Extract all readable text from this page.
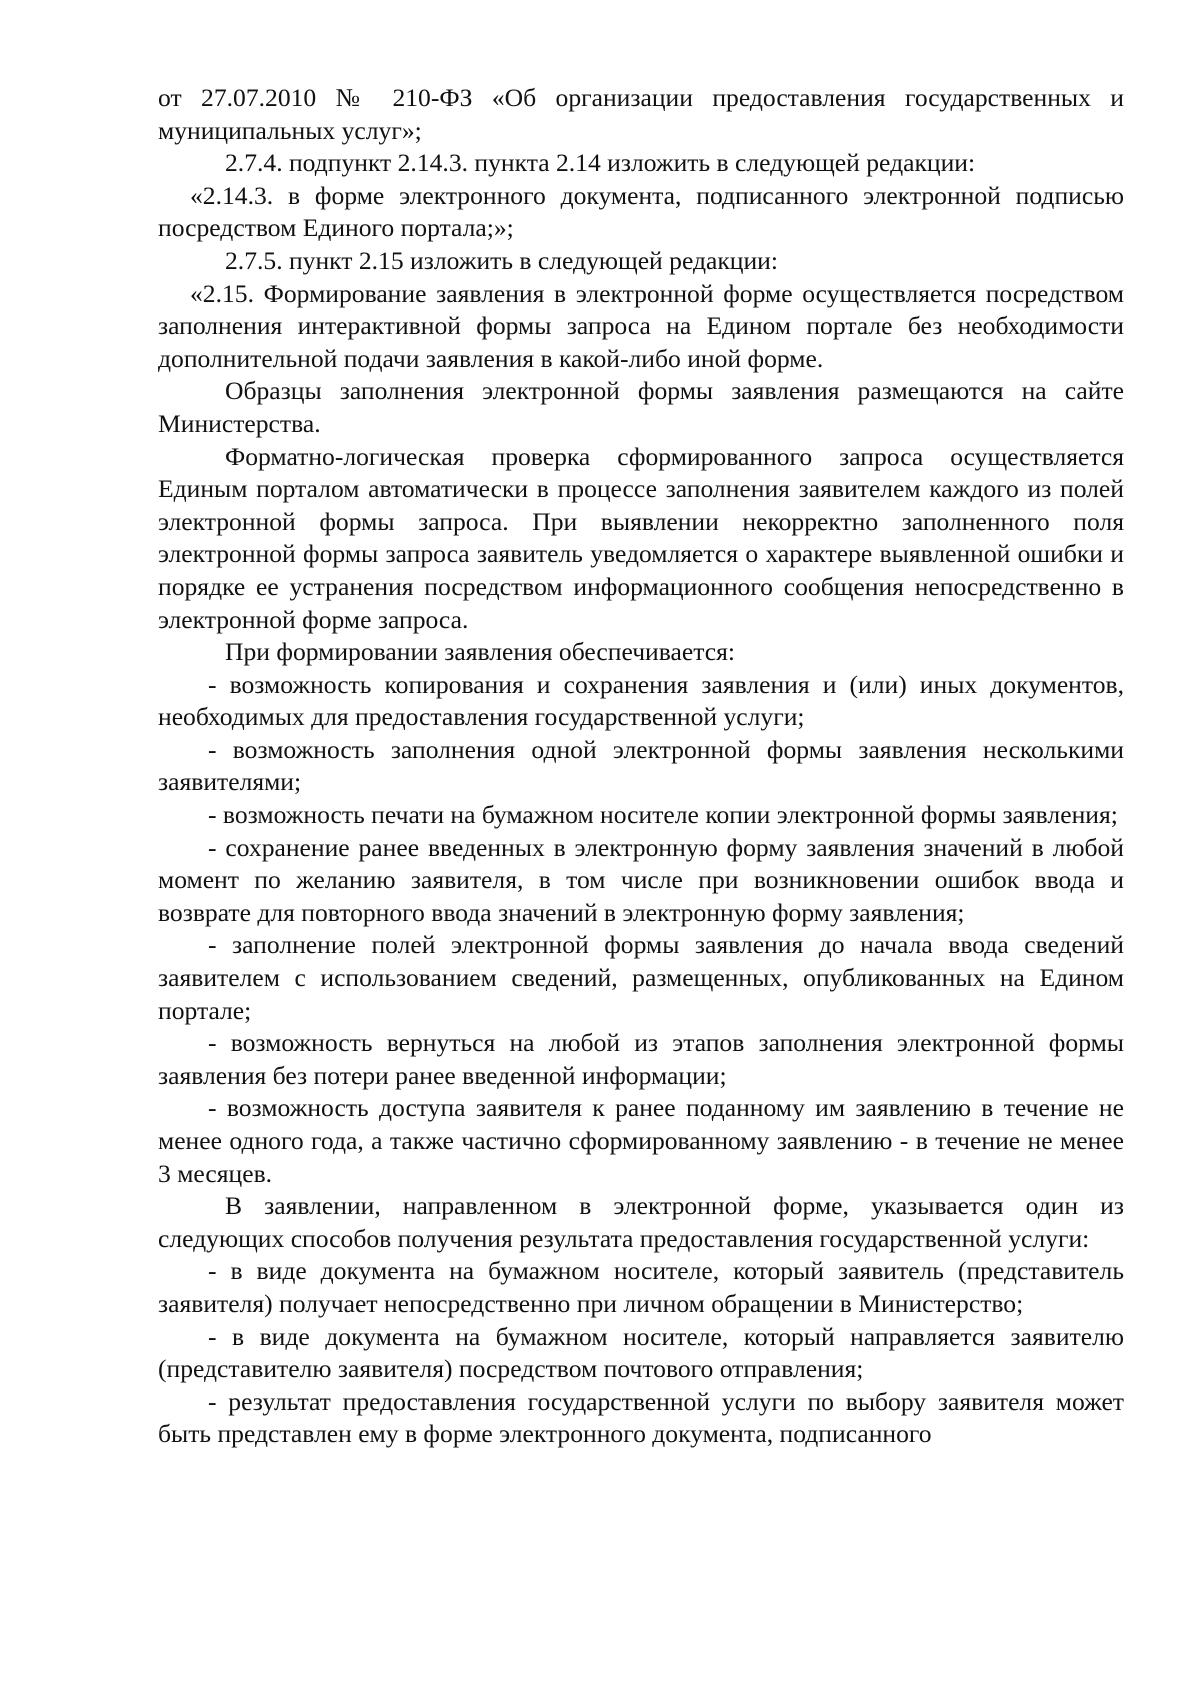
от 27.07.2010 № 210-ФЗ «Об организации предоставления государственных и муниципальных услуг»;

2.7.4. подпункт 2.14.3. пункта 2.14 изложить в следующей редакции:

«2.14.3. в форме электронного документа, подписанного электронной подписью посредством Единого портала;»;

2.7.5. пункт 2.15 изложить в следующей редакции:

«2.15. Формирование заявления в электронной форме осуществляется посредством заполнения интерактивной формы запроса на Едином портале без необходимости дополнительной подачи заявления в какой-либо иной форме.

Образцы заполнения электронной формы заявления размещаются на сайте Министерства.

Форматно-логическая проверка сформированного запроса осуществляется Единым порталом автоматически в процессе заполнения заявителем каждого из полей электронной формы запроса. При выявлении некорректно заполненного поля электронной формы запроса заявитель уведомляется о характере выявленной ошибки и порядке ее устранения посредством информационного сообщения непосредственно в электронной форме запроса.

При формировании заявления обеспечивается:

- возможность копирования и сохранения заявления и (или) иных документов, необходимых для предоставления государственной услуги;

- возможность заполнения одной электронной формы заявления несколькими заявителями;

- возможность печати на бумажном носителе копии электронной формы заявления;

- сохранение ранее введенных в электронную форму заявления значений в любой момент по желанию заявителя, в том числе при возникновении ошибок ввода и возврате для повторного ввода значений в электронную форму заявления;

- заполнение полей электронной формы заявления до начала ввода сведений заявителем с использованием сведений, размещенных, опубликованных на Едином портале;

- возможность вернуться на любой из этапов заполнения электронной формы заявления без потери ранее введенной информации;

- возможность доступа заявителя к ранее поданному им заявлению в течение не менее одного года, а также частично сформированному заявлению - в течение не менее 3 месяцев.

В заявлении, направленном в электронной форме, указывается один из следующих способов получения результата предоставления государственной услуги:

- в виде документа на бумажном носителе, который заявитель (представитель заявителя) получает непосредственно при личном обращении в Министерство;

- в виде документа на бумажном носителе, который направляется заявителю (представителю заявителя) посредством почтового отправления;

- результат предоставления государственной услуги по выбору заявителя может быть представлен ему в форме электронного документа, подписанного
